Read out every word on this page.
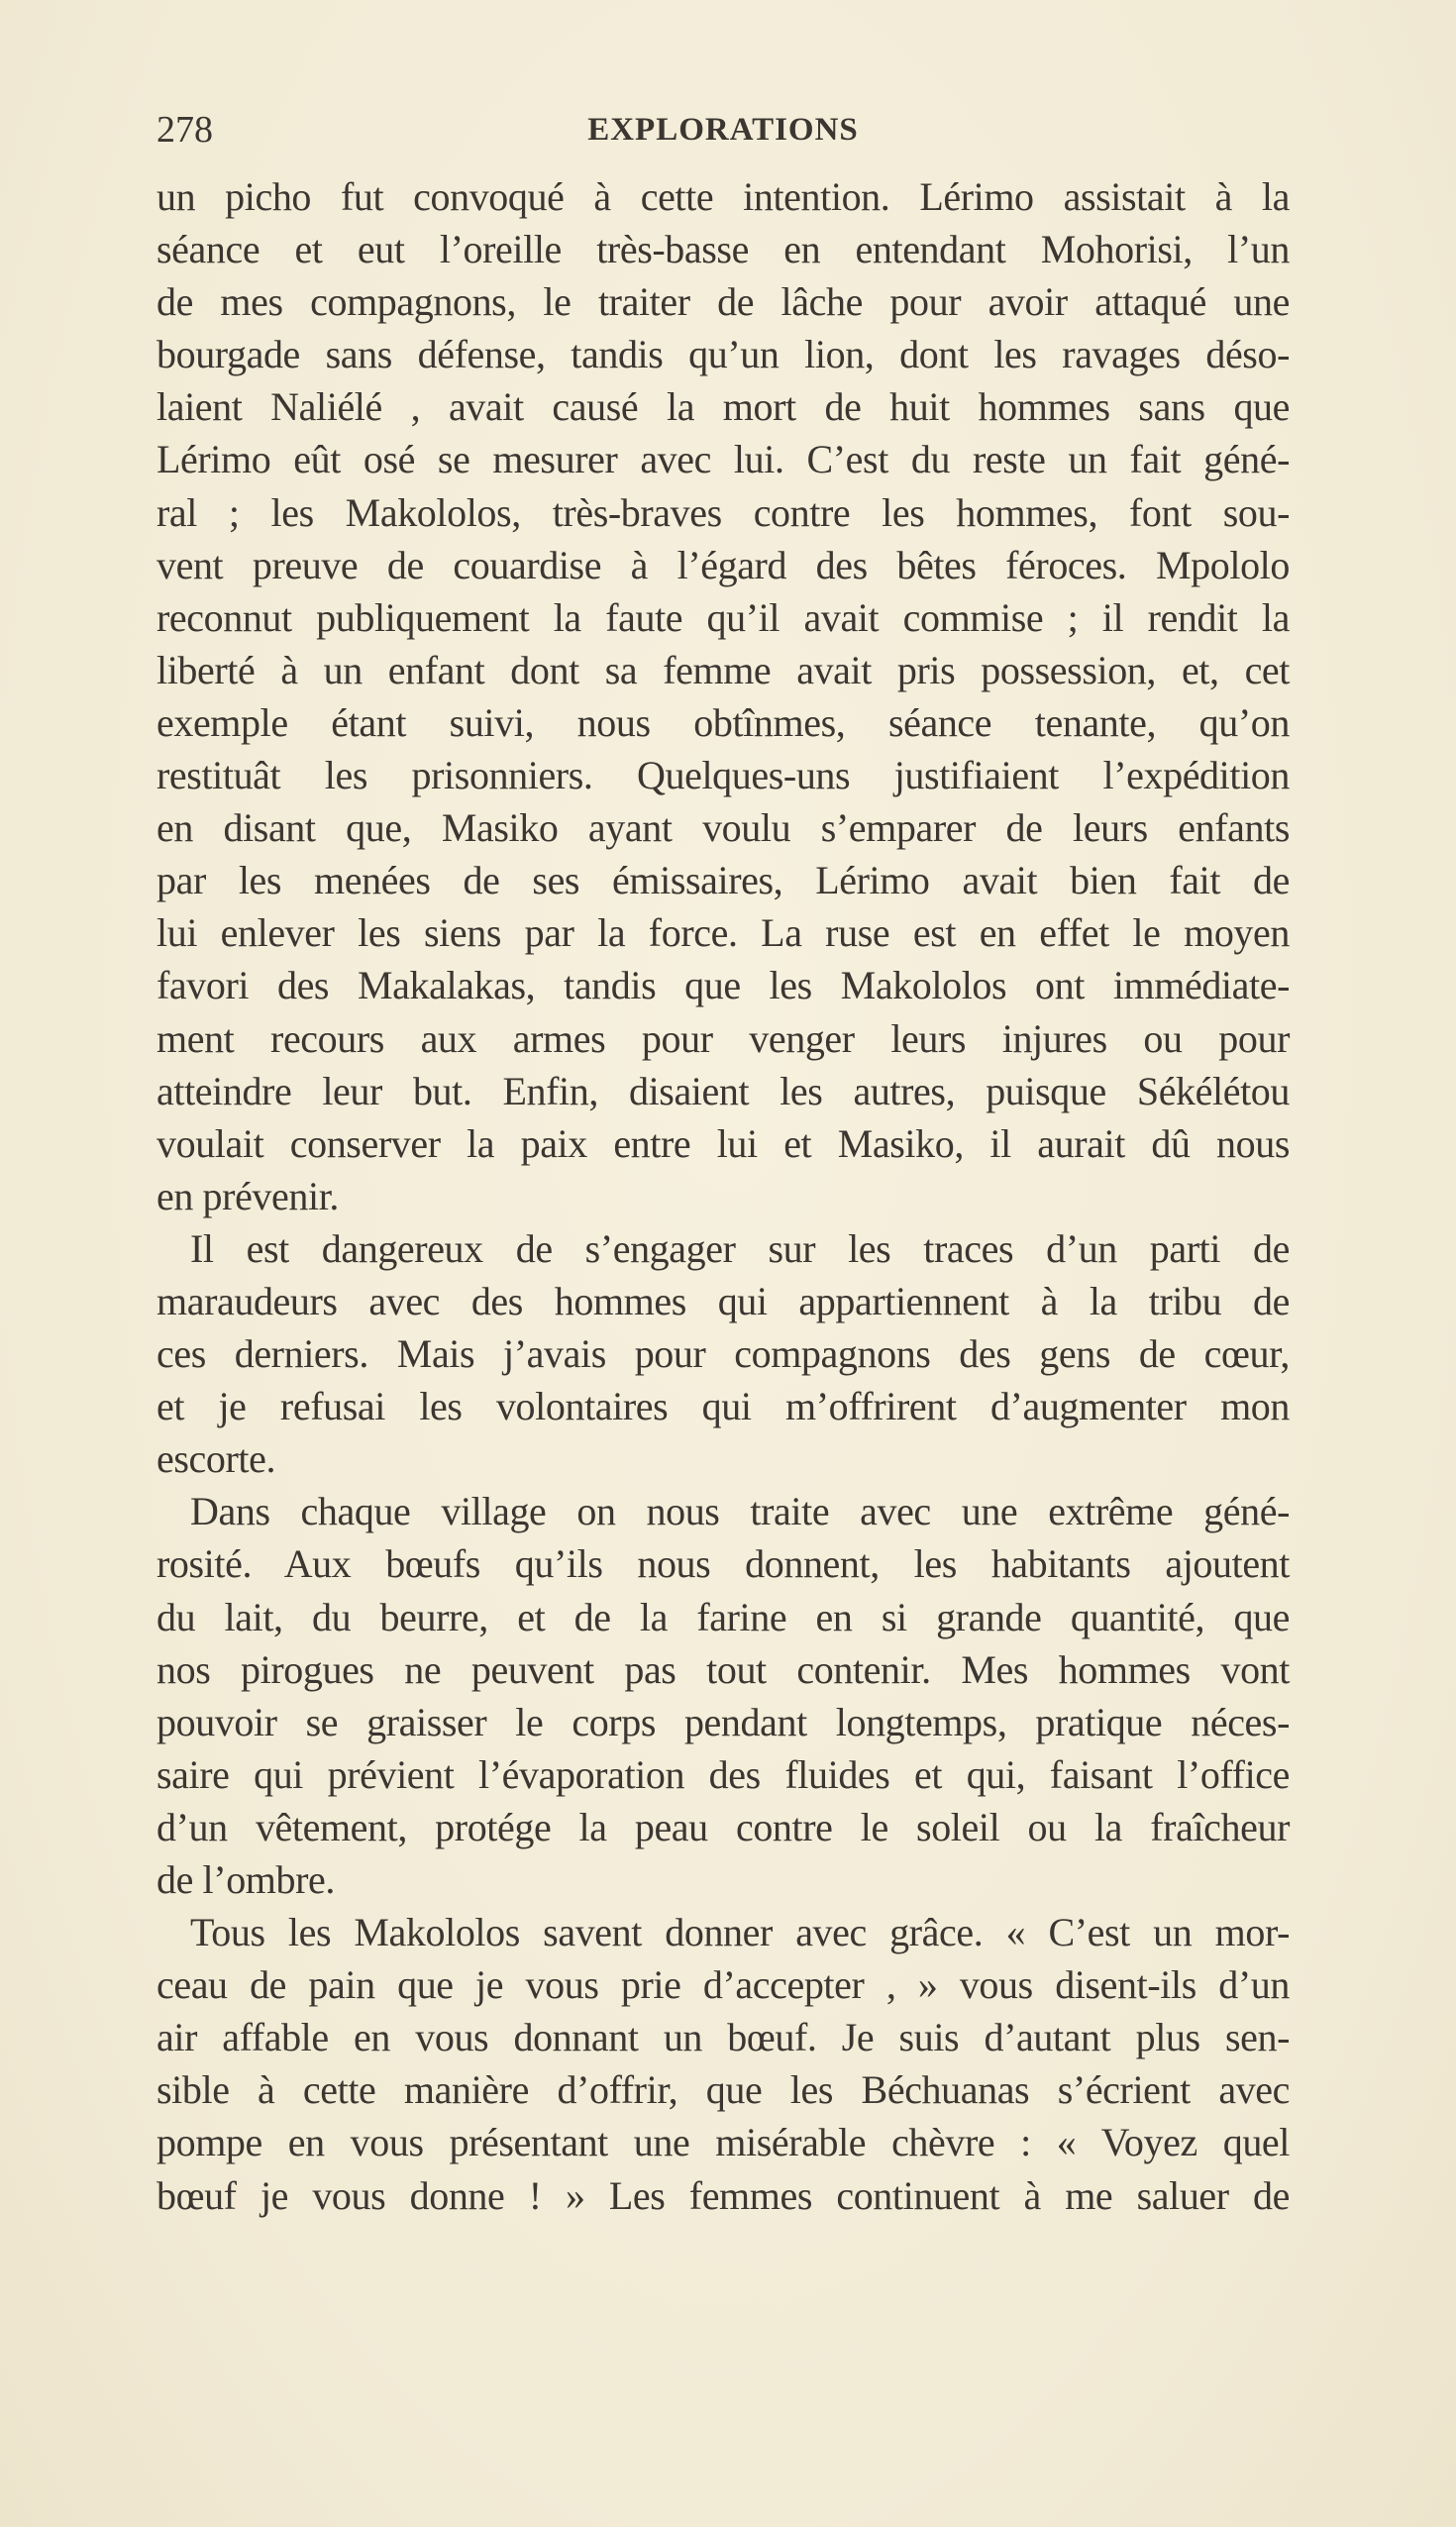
278	EXPLORATIONS
un picho fut convoqué à cette intention. Lérimo assistait à la
séance et eut l’oreille très-basse en entendant Mohorisi, l’un
de mes compagnons, le traiter de lâche pour avoir attaqué une
bourgade sans défense, tandis qu’un lion, dont les ravages déso-
laient Naliélé , avait causé la mort de huit hommes sans que
Lérimo eût osé se mesurer avec lui. C’est du reste un fait géné-
ral ; les Makololos, très-braves contre les hommes, font sou-
vent preuve de couardise à l’égard des bêtes féroces. Mpololo
reconnut publiquement la faute qu’il avait commise ; il rendit la
liberté à un enfant dont sa femme avait pris possession, et, cet
exemple étant suivi, nous obtînmes, séance tenante, qu’on
restituât les prisonniers. Quelques-uns justifiaient l’expédition
en disant que, Masiko ayant voulu s’emparer de leurs enfants
par les menées de ses émissaires, Lérimo avait bien fait de
lui enlever les siens par la force. La ruse est en effet le moyen
favori des Makalakas, tandis que les Makololos ont immédiate-
ment recours aux armes pour venger leurs injures ou pour
atteindre leur but. Enfin, disaient les autres, puisque Sékélétou
voulait conserver la paix entre lui et Masiko, il aurait dû nous
en prévenir.
Il est dangereux de s’engager sur les traces d’un parti de
maraudeurs avec des hommes qui appartiennent à la tribu de
ces derniers. Mais j’avais pour compagnons des gens de cœur,
et je refusai les volontaires qui m’offrirent d’augmenter mon
escorte.
Dans chaque village on nous traite avec une extrême géné-
rosité. Aux bœufs qu’ils nous donnent, les habitants ajoutent
du lait, du beurre, et de la farine en si grande quantité, que
nos pirogues ne peuvent pas tout contenir. Mes hommes vont
pouvoir se graisser le corps pendant longtemps, pratique néces-
saire qui prévient l’évaporation des fluides et qui, faisant l’office
d’un vêtement, protége la peau contre le soleil ou la fraîcheur
de l’ombre.
Tous les Makololos savent donner avec grâce. « C’est un mor-
ceau de pain que je vous prie d’accepter , » vous disent-ils d’un
air affable en vous donnant un bœuf. Je suis d’autant plus sen-
sible à cette manière d’offrir, que les Béchuanas s’écrient avec
pompe en vous présentant une misérable chèvre : « Voyez quel
bœuf je vous donne ! » Les femmes continuent à me saluer de
